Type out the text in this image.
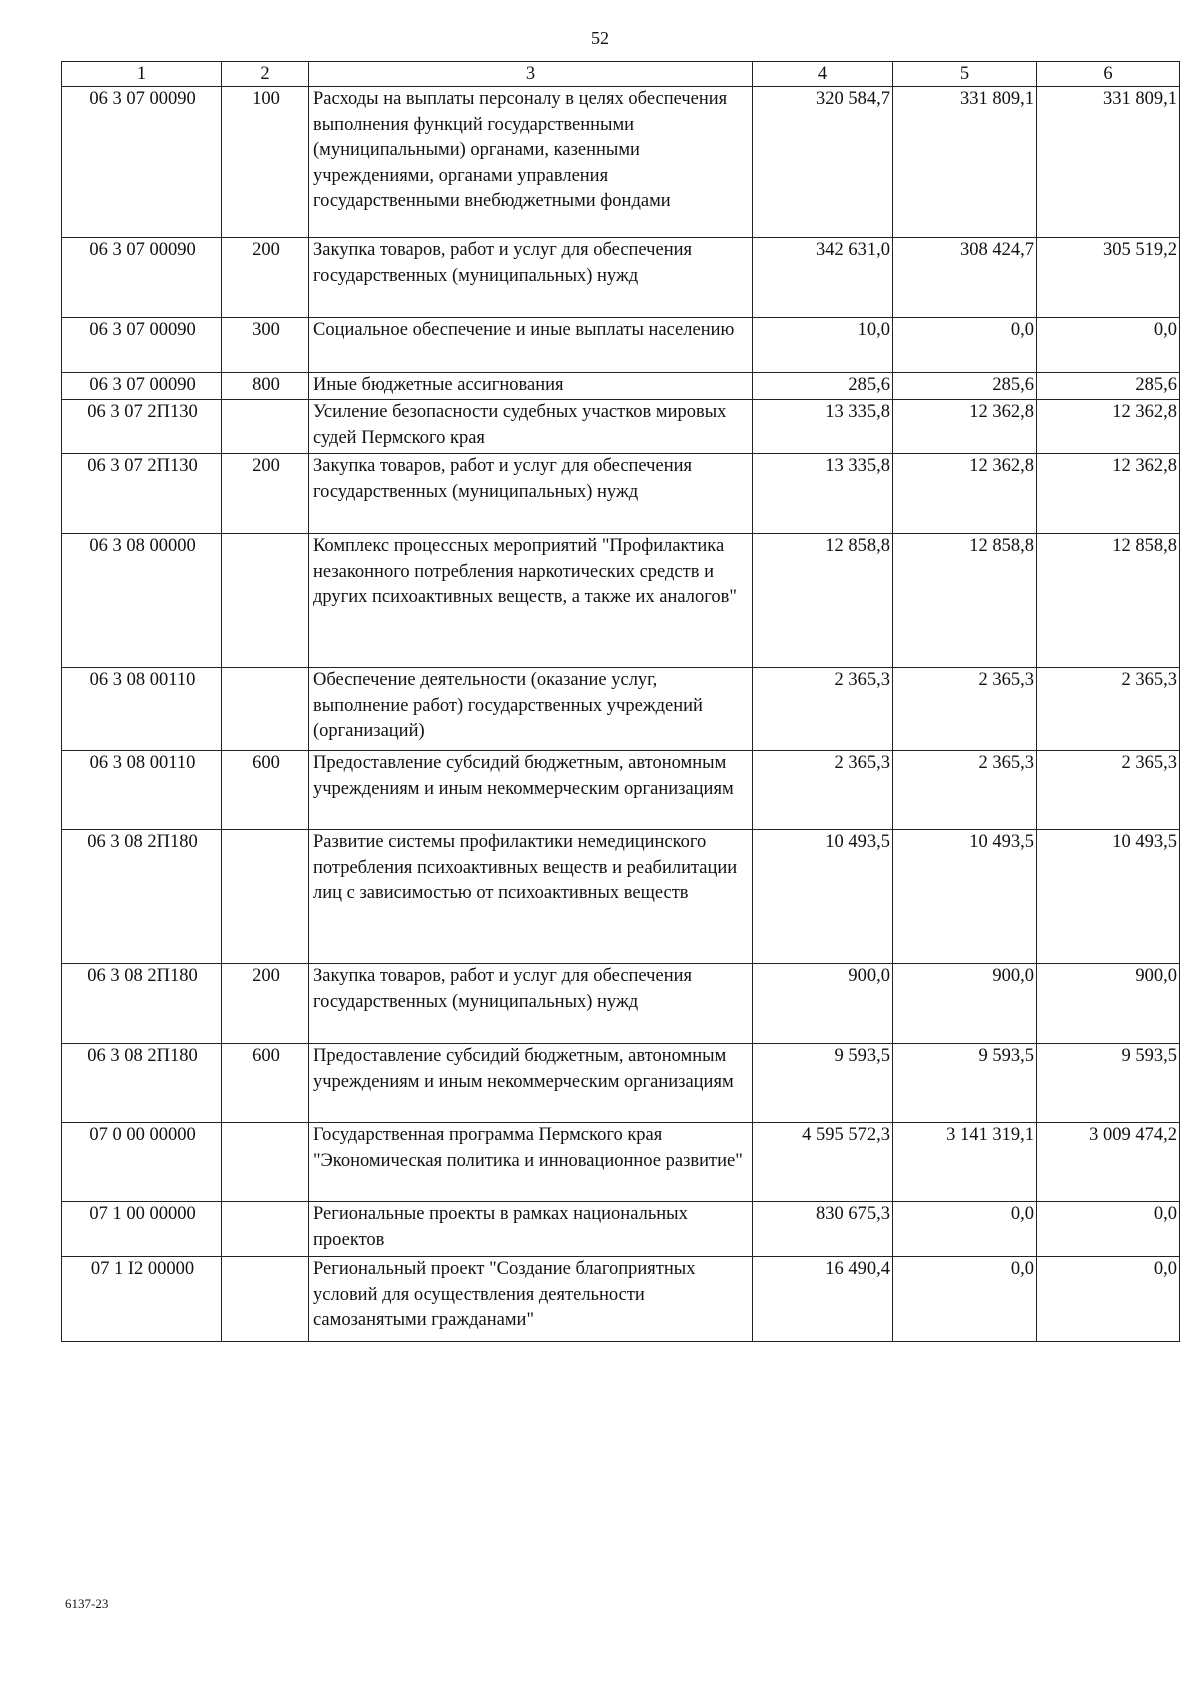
52
1	2	3	4	5	6
06 3 07 00090	100	Расходы на выплаты персоналу в целях обеспечения выполнения функций государственными (муниципальными) органами, казенными учреждениями, органами управления государственными внебюджетными фондами	320 584,7	331 809,1	331 809,1
06 3 07 00090	200	Закупка товаров, работ и услуг для обеспечения государственных (муниципальных) нужд	342 631,0	308 424,7	305 519,2
06 3 07 00090	300	Социальное обеспечение и иные выплаты населению	10,0	0,0	0,0
06 3 07 00090	800	Иные бюджетные ассигнования	285,6	285,6	285,6
06 3 07 2П130		Усиление безопасности судебных участков мировых судей Пермского края	13 335,8	12 362,8	12 362,8
06 3 07 2П130	200	Закупка товаров, работ и услуг для обеспечения государственных (муниципальных) нужд	13 335,8	12 362,8	12 362,8
06 3 08 00000		Комплекс процессных мероприятий "Профилактика незаконного потребления наркотических средств и других психоактивных веществ, а также их аналогов"	12 858,8	12 858,8	12 858,8
06 3 08 00110		Обеспечение деятельности (оказание услуг, выполнение работ) государственных учреждений (организаций)	2 365,3	2 365,3	2 365,3
06 3 08 00110	600	Предоставление субсидий бюджетным, автономным учреждениям и иным некоммерческим организациям	2 365,3	2 365,3	2 365,3
06 3 08 2П180		Развитие системы профилактики немедицинского потребления психоактивных веществ и реабилитации лиц с зависимостью от психоактивных веществ	10 493,5	10 493,5	10 493,5
06 3 08 2П180	200	Закупка товаров, работ и услуг для обеспечения государственных (муниципальных) нужд	900,0	900,0	900,0
06 3 08 2П180	600	Предоставление субсидий бюджетным, автономным учреждениям и иным некоммерческим организациям	9 593,5	9 593,5	9 593,5
07 0 00 00000		Государственная программа Пермского края "Экономическая политика и инновационное развитие"	4 595 572,3	3 141 319,1	3 009 474,2
07 1 00 00000		Региональные проекты в рамках национальных проектов	830 675,3	0,0	0,0
07 1 I2 00000		Региональный проект "Создание благоприятных условий для осуществления деятельности самозанятыми гражданами"	16 490,4	0,0	0,0
6137-23
